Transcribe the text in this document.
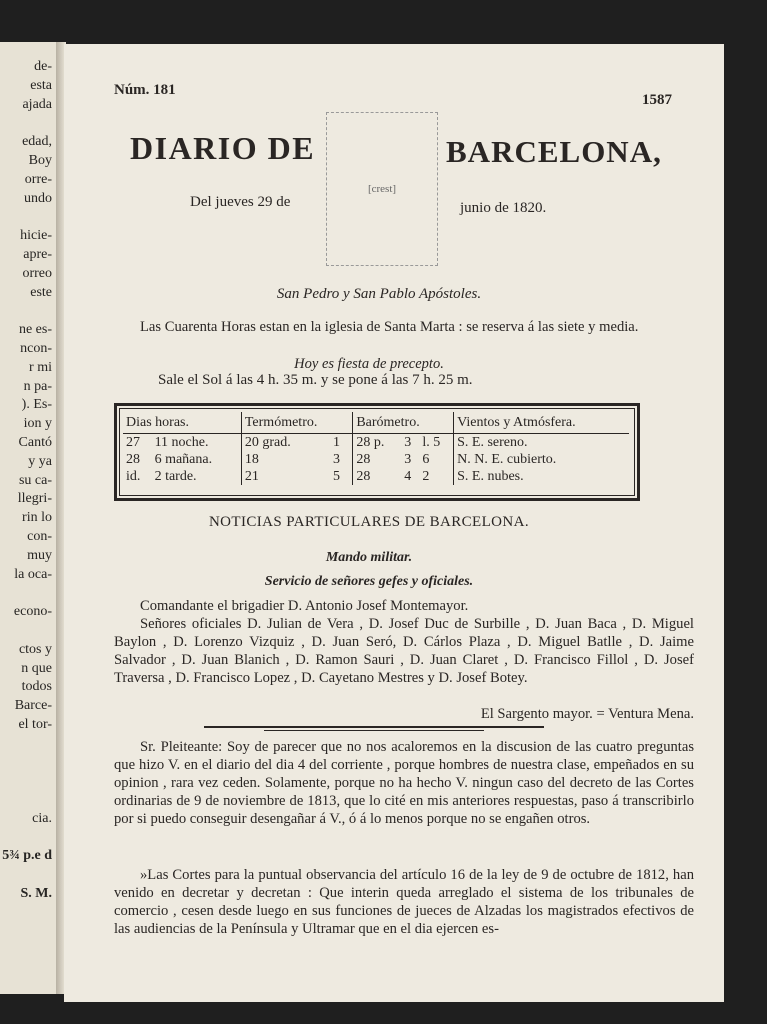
de-
esta
ajada
edad,
Boy
orre-
undo
hicie-
apre-
orreo
este
ne es-
ncon-
r mi
n pa-
). Es-
ion y
Cantó
y ya
su ca-
llegri-
rin lo
con-
muy
la oca-
econo-
ctos y
n que
todos
Barce-
el tor-
cia.
5¾ p.e d
S. M.
Núm. 181
1587
DIARIO DE	BARCELONA,
[crest]
Del jueves 29 de	junio de 1820.
San Pedro y San Pablo Apóstoles.
Las Cuarenta Horas estan en la iglesia de Santa Marta : se reserva á las siete y media.
Hoy es fiesta de precepto.
Sale el Sol á las 4 h. 35 m. y se pone á las 7 h. 25 m.
Dias horas.		Termómetro.		Barómetro.			Vientos y Atmósfera.
27	11 noche.	20 grad.	1	28 p.	3	l. 5	S. E. sereno.
28	6 mañana.	18	3	28	3	6	N. N. E. cubierto.
id.	2 tarde.	21	5	28	4	2	S. E. nubes.
NOTICIAS PARTICULARES DE BARCELONA.
Mando militar.
Servicio de señores gefes y oficiales.
Comandante el brigadier D. Antonio Josef Montemayor.
Señores oficiales D. Julian de Vera , D. Josef Duc de Surbille , D. Juan Baca , D. Miguel Baylon , D. Lorenzo Vizquiz , D. Juan Seró, D. Cárlos Plaza , D. Miguel Batlle , D. Jaime Salvador , D. Juan Blanich , D. Ramon Sauri , D. Juan Claret , D. Francisco Fillol , D. Josef Traversa , D. Francisco Lopez , D. Cayetano Mestres y D. Josef Botey.
El Sargento mayor. = Ventura Mena.
Sr. Pleiteante: Soy de parecer que no nos acaloremos en la discusion de las cuatro preguntas que hizo V. en el diario del dia 4 del corriente , porque hombres de nuestra clase, empeñados en su opinion , rara vez ceden. Solamente, porque no ha hecho V. ningun caso del decreto de las Cortes ordinarias de 9 de noviembre de 1813, que lo cité en mis anteriores respuestas, paso á transcribirlo por si puedo conseguir desengañar á V., ó á lo menos porque no se engañen otros.
»Las Cortes para la puntual observancia del artículo 16 de la ley de 9 de octubre de 1812, han venido en decretar y decretan : Que interin queda arreglado el sistema de los tribunales de comercio , cesen desde luego en sus funciones de jueces de Alzadas los magistrados efectivos de las audiencias de la Península y Ultramar que en el dia ejercen es-
